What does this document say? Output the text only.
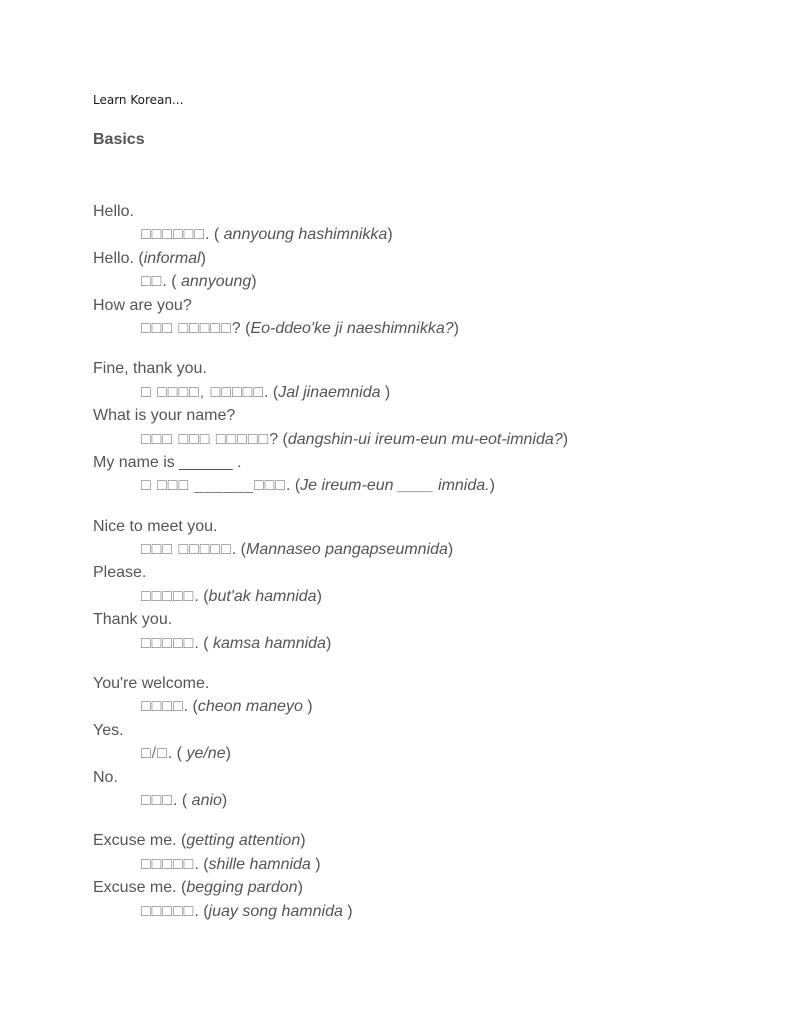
Learn Korean...
Basics
Hello.
□□□□□□. ( annyoung hashimnikka)
Hello. (informal)
□□. ( annyoung)
How are you?
□□□ □□□□□? (Eo-ddeo'ke ji naeshimnikka?)
Fine, thank you.
□ □□□□, □□□□□. (Jal jinaemnida )
What is your name?
□□□ □□□ □□□□□? (dangshin-ui ireum-eun mu-eot-imnida?)
My name is ______ .
□ □□□ ______□□□. (Je ireum-eun ____ imnida.)
Nice to meet you.
□□□ □□□□□. (Mannaseo pangapseumnida)
Please.
□□□□□. (but'ak hamnida)
Thank you.
□□□□□. ( kamsa hamnida)
You're welcome.
□□□□. (cheon maneyo )
Yes.
□/□. ( ye/ne)
No.
□□□. ( anio)
Excuse me. (getting attention)
□□□□□. (shille hamnida )
Excuse me. (begging pardon)
□□□□□. (juay song hamnida )
